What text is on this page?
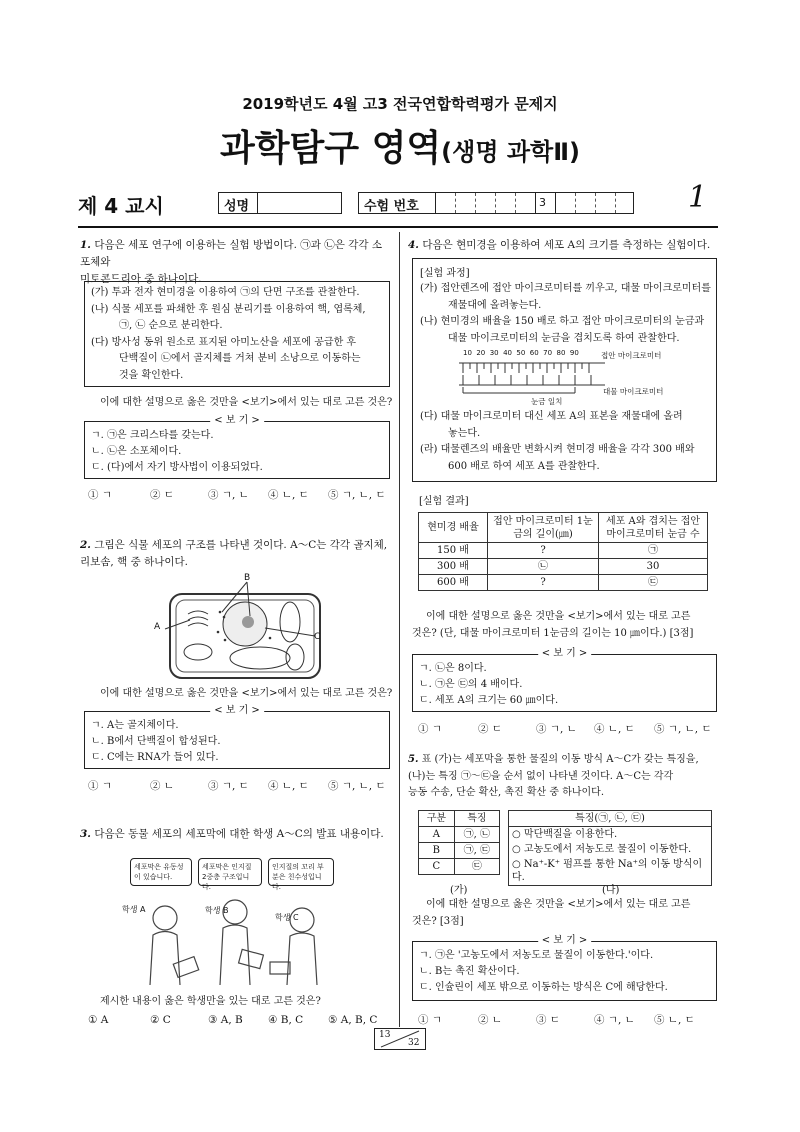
2019학년도 4월 고3 전국연합학력평가 문제지
과학탐구 영역(생명 과학Ⅱ)
제 4 교시	성명	수험 번호	3	1
1. 다음은 세포 연구에 이용하는 실험 방법이다. ㉠과 ㉡은 각각 소포체와
미토콘드리아 중 하나이다.
(가) 투과 전자 현미경을 이용하여 ㉠의 단면 구조를 관찰한다.
(나) 식물 세포를 파쇄한 후 원심 분리기를 이용하여 핵, 엽록체,
㉠, ㉡ 순으로 분리한다.
(다) 방사성 동위 원소로 표지된 아미노산을 세포에 공급한 후
단백질이 ㉡에서 골지체를 거쳐 분비 소낭으로 이동하는
것을 확인한다.
이에 대한 설명으로 옳은 것만을 <보기>에서 있는 대로 고른 것은?
< 보 기 >
ㄱ. ㉠은 크리스타를 갖는다.
ㄴ. ㉡은 소포체이다.
ㄷ. (다)에서 자기 방사법이 이용되었다.
① ㄱ	② ㄷ	③ ㄱ, ㄴ ④ ㄴ, ㄷ ⑤ ㄱ, ㄴ, ㄷ
2. 그림은 식물 세포의 구조를 나타낸 것이다. A～C는 각각 골지체,
리보솜, 핵 중 하나이다.
A
B
C
이에 대한 설명으로 옳은 것만을 <보기>에서 있는 대로 고른 것은?
< 보 기 >
ㄱ. A는 골지체이다.
ㄴ. B에서 단백질이 합성된다.
ㄷ. C에는 RNA가 들어 있다.
① ㄱ	② ㄴ	③ ㄱ, ㄷ ④ ㄴ, ㄷ ⑤ ㄱ, ㄴ, ㄷ
3. 다음은 동물 세포의 세포막에 대한 학생 A～C의 발표 내용이다.
세포막은 유동성이 있습니다.
세포막은 인지질 2중층 구조입니다.
인지질의 꼬리 부분은 친수성입니다.
학생 A	학생 B
학생 C
제시한 내용이 옳은 학생만을 있는 대로 고른 것은?
① A	② C	③ A, B ④ B, C ⑤ A, B, C
4. 다음은 현미경을 이용하여 세포 A의 크기를 측정하는 실험이다.
[실험 과정]
(가) 접안렌즈에 접안 마이크로미터를 끼우고, 대물 마이크로미터를
재물대에 올려놓는다.
(나) 현미경의 배율을 150 배로 하고 접안 마이크로미터의 눈금과
대물 마이크로미터의 눈금을 겹치도록 하여 관찰한다.
10  20  30  40  50  60  70  80  90	접안 마이크로미터
대물 마이크로미터
눈금 일치
(다) 대물 마이크로미터 대신 세포 A의 표본을 재물대에 올려
놓는다.
(라) 대물렌즈의 배율만 변화시켜 현미경 배율을 각각 300 배와
600 배로 하여 세포 A를 관찰한다.
[실험 결과]
현미경 배율	접안 마이크로미터 1눈금의 길이(㎛)	세포 A와 겹치는 접안 마이크로미터 눈금 수
150 배	?	㉠
300 배	㉡	30
600 배	?	㉢
이에 대한 설명으로 옳은 것만을 <보기>에서 있는 대로 고른
것은? (단, 대물 마이크로미터 1눈금의 길이는 10 ㎛이다.) [3점]
< 보 기 >
ㄱ. ㉡은 8이다.
ㄴ. ㉠은 ㉢의 4 배이다.
ㄷ. 세포 A의 크기는 60 ㎛이다.
① ㄱ	② ㄷ	③ ㄱ, ㄴ ④ ㄴ, ㄷ ⑤ ㄱ, ㄴ, ㄷ
5. 표 (가)는 세포막을 통한 물질의 이동 방식 A～C가 갖는 특징을,
(나)는 특징 ㉠～㉢을 순서 없이 나타낸 것이다. A～C는 각각
능동 수송, 단순 확산, 촉진 확산 중 하나이다.
구분	특징
A	㉠, ㉡
B	㉠, ㉢
C	㉢
특징(㉠, ㉡, ㉢)
○ 막단백질을 이용한다.
○ 고농도에서 저농도로 물질이 이동한다.
○ Na⁺-K⁺ 펌프를 통한 Na⁺의 이동 방식이다.
(가)	(나)
이에 대한 설명으로 옳은 것만을 <보기>에서 있는 대로 고른
것은? [3점]
< 보 기 >
ㄱ. ㉠은 '고농도에서 저농도로 물질이 이동한다.'이다.
ㄴ. B는 촉진 확산이다.
ㄷ. 인슐린이 세포 밖으로 이동하는 방식은 C에 해당한다.
① ㄱ	② ㄴ	③ ㄷ	④ ㄱ, ㄴ ⑤ ㄴ, ㄷ
13
32
